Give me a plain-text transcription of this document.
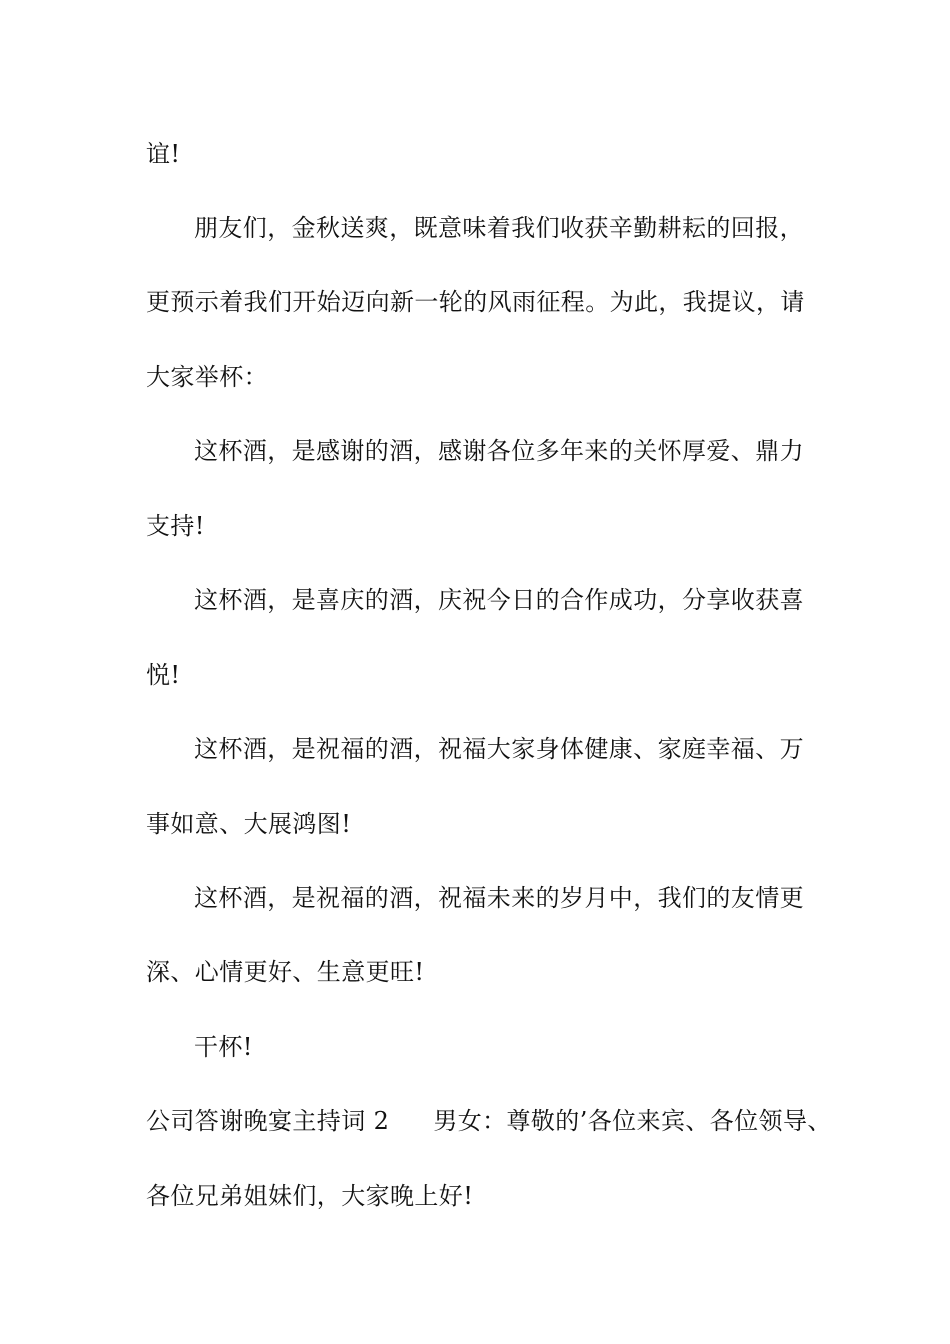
谊!
朋友们，金秋送爽，既意味着我们收获辛勤耕耘的回报，
更预示着我们开始迈向新一轮的风雨征程。为此，我提议，请
大家举杯：
这杯酒，是感谢的酒，感谢各位多年来的关怀厚爱、鼎力
支持!
这杯酒，是喜庆的酒，庆祝今日的合作成功，分享收获喜
悦!
这杯酒，是祝福的酒，祝福大家身体健康、家庭幸福、万
事如意、大展鸿图!
这杯酒，是祝福的酒，祝福未来的岁月中，我们的友情更
深、心情更好、生意更旺!
干杯!
公司答谢晚宴主持词 2 男女：尊敬的’各位来宾、各位领导、
各位兄弟姐妹们，大家晚上好!
